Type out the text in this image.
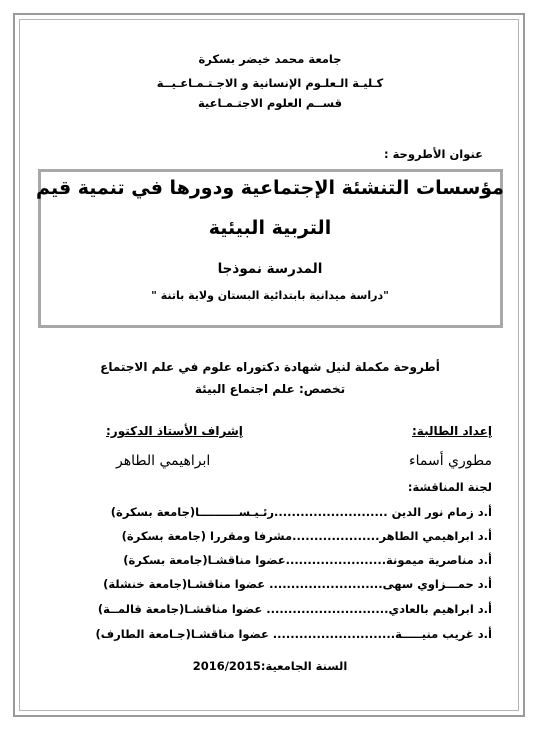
جامعة محمد خيضر بسكرة
كـليـة الـعلـوم الإنسانية و الاجـتـمـاعـيــة
قســم العلوم الاجتـمـاعية
عنوان الأطروحة :
مؤسسات التنشئة الإجتماعية ودورها في تنمية قيم
التربية البيئية
المدرسة نموذجا
"دراسة ميدانية بابتدائية البستان ولاية باتنة "
أطروحة مكملة لنيل شهادة دكتوراه علوم في علم الاجتماع
تخصص: علم اجتماع البيئة
إعداد الطالبة:
إشراف الأستاذ الدكتور:
مطوري أسماء
ابراهيمي الطاهر
لجنة المناقشة:
أ.د زمام نور الدين ..........................رئـيـســــــــــا(جامعة بسكرة)
أ.د ابراهيمي الطاهر....................مشرفا ومقررا (جامعة بسكرة)
أ.د مناصرية ميمونة.......................عضوا مناقشـا(جامعة بسكرة)
أ.د حمـــزاوي سهى.......................... عضوا مناقشـا(جامعة خنشلة)
أ.د ابراهيم بالعادي............................ عضوا مناقشـا(جامعة قالمــة)
أ.د غريب منيـــــة............................ عضوا مناقشـا(جـامعة الطارف)
السنة الجامعية:2016/2015
